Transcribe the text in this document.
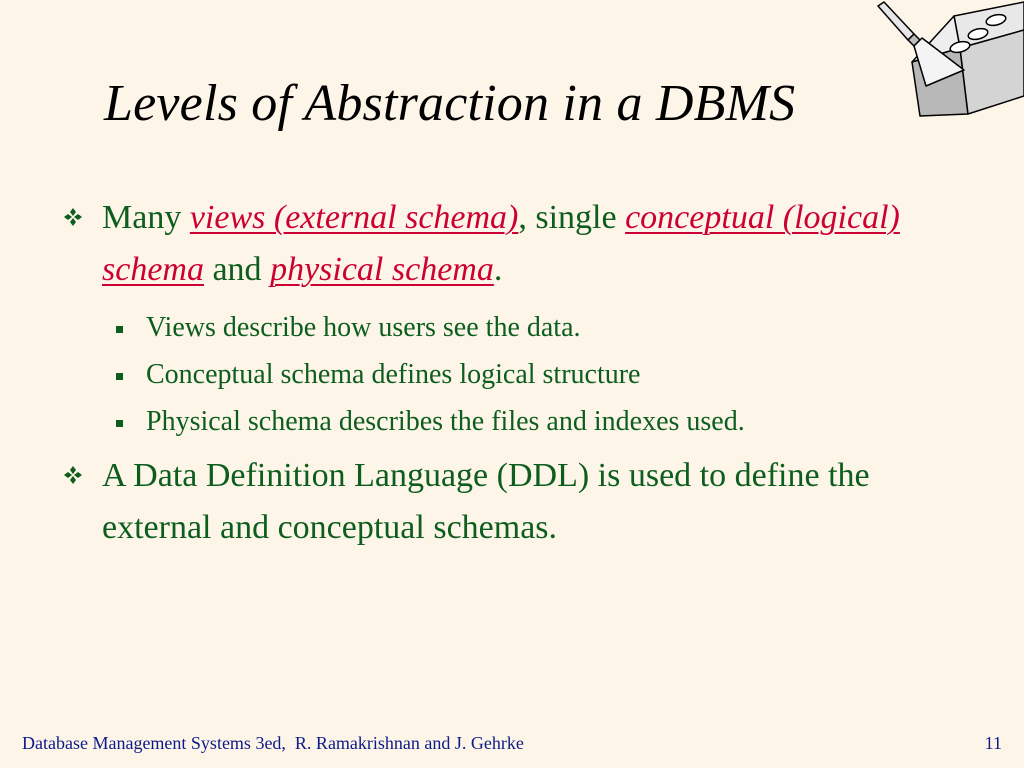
Levels of Abstraction in a DBMS
Many views (external schema), single conceptual (logical) schema and physical schema.
Views describe how users see the data.
Conceptual schema defines logical structure
Physical schema describes the files and indexes used.
A Data Definition Language (DDL) is used to define the external and conceptual schemas.
Database Management Systems 3ed,  R. Ramakrishnan and J. Gehrke	11
